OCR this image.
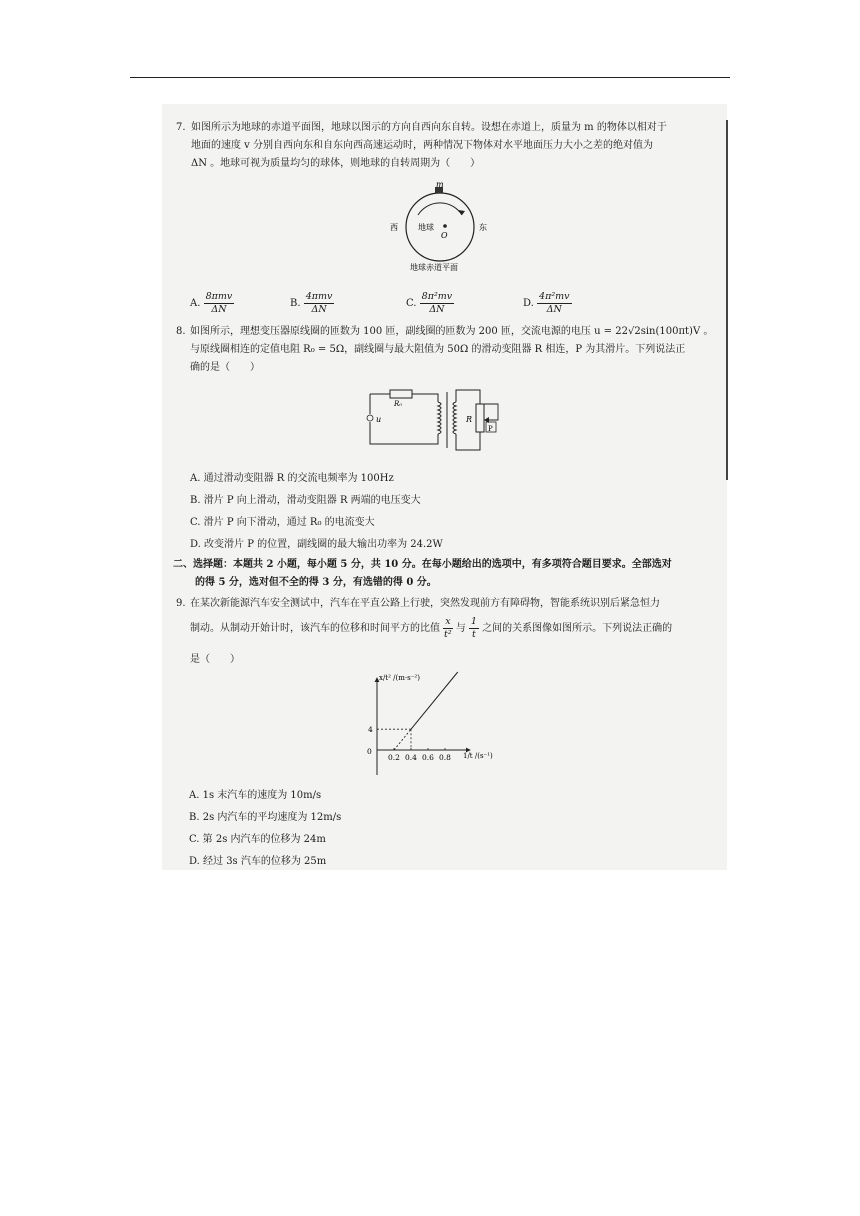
7. 如图所示为地球的赤道平面图，地球以图示的方向自西向东自转。设想在赤道上，质量为 m 的物体以相对于
地面的速度 v 分别自西向东和自东向西高速运动时，两种情况下物体对水平地面压力大小之差的绝对值为
ΔN 。地球可视为质量均匀的球体，则地球的自转周期为（　　）
m
西	东
地球
O
地球赤道平面
A. $\frac{\text{8πmv}}{\Delta N}$	B. $\frac{\text{4πmv}}{\Delta N}$	C. $\frac{\text{8π²mv}}{\Delta N}$	D. $\frac{\text{4π²mv}}{\Delta N}$
8. 如图所示，理想变压器原线圈的匝数为 100 匝，副线圈的匝数为 200 匝，交流电源的电压 u = 22√2sin(100πt)V 。
与原线圈相连的定值电阻 R₀ = 5Ω，副线圈与最大阻值为 50Ω 的滑动变阻器 R 相连，P 为其滑片。下列说法正
确的是（　　）
R₀
u	R
P
A. 通过滑动变阻器 R 的交流电频率为 100Hz
B. 滑片 P 向上滑动，滑动变阻器 R 两端的电压变大
C. 滑片 P 向下滑动，通过 R₀ 的电流变大
D. 改变滑片 P 的位置，副线圈的最大输出功率为 24.2W
二、选择题：本题共 2 小题，每小题 5 分，共 10 分。在每小题给出的选项中，有多项符合题目要求。全部选对
的得 5 分，选对但不全的得 3 分，有选错的得 0 分。
9. 在某次新能源汽车安全测试中，汽车在平直公路上行驶，突然发现前方有障碍物，智能系统识别后紧急恒力
制动。从制动开始计时，该汽车的位移和时间平方的比值 $\frac{x}{\text{t²}}$ 与 $\frac{1}{t}$ 之间的关系图像如图所示。下列说法正确的
是（　　）
x/t² /(m·s⁻²)
1/t /(s⁻¹)
0
0.2 0.4 0.6 0.8
4
A. 1s 末汽车的速度为 10m/s
B. 2s 内汽车的平均速度为 12m/s
C. 第 2s 内汽车的位移为 24m
D. 经过 3s 汽车的位移为 25m
